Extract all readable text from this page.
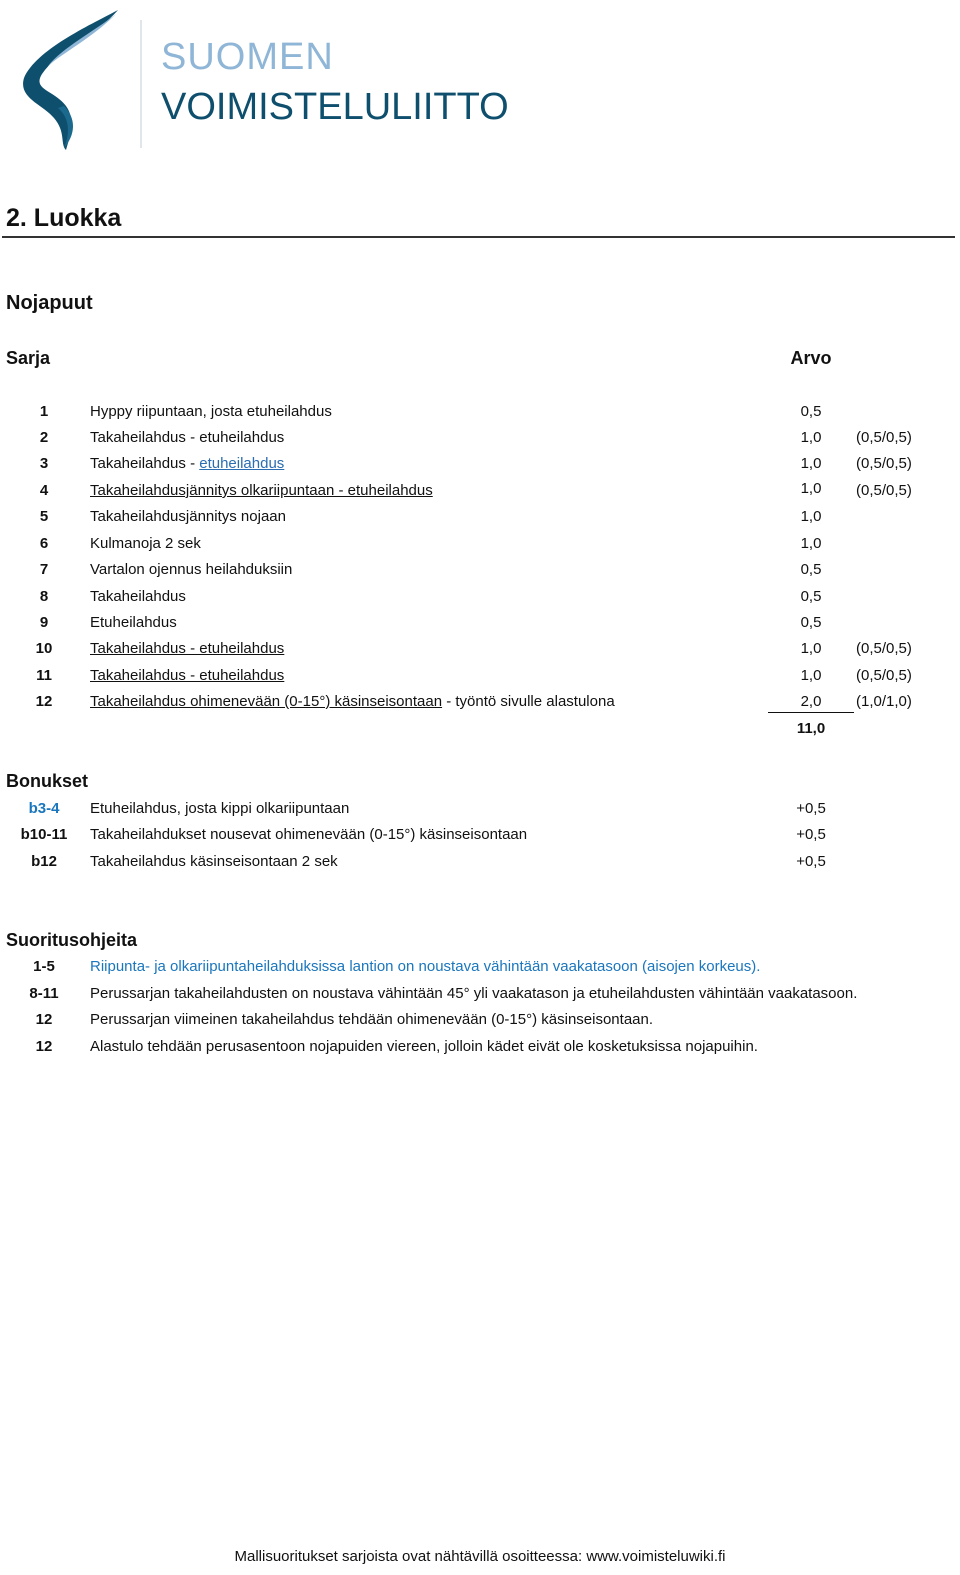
SUOMEN
VOIMISTELULIITTO
2. Luokka
Nojapuut
Sarja	Arvo
1	Hyppy riipuntaan, josta etuheilahdus	0,5
2	Takaheilahdus - etuheilahdus	1,0	(0,5/0,5)
3	Takaheilahdus - etuheilahdus	1,0	(0,5/0,5)
4	Takaheilahdusjännitys olkariipuntaan - etuheilahdus	1,0	(0,5/0,5)
5	Takaheilahdusjännitys nojaan	1,0
6	Kulmanoja 2 sek	1,0
7	Vartalon ojennus heilahduksiin	0,5
8	Takaheilahdus	0,5
9	Etuheilahdus	0,5
10	Takaheilahdus - etuheilahdus	1,0	(0,5/0,5)
11	Takaheilahdus - etuheilahdus	1,0	(0,5/0,5)
12	Takaheilahdus ohimenevään (0-15°) käsinseisontaan - työntö sivulle alastulona	2,0	(1,0/1,0)
11,0
Bonukset
b3-4	Etuheilahdus, josta kippi olkariipuntaan	+0,5
b10-11	Takaheilahdukset nousevat ohimenevään (0-15°) käsinseisontaan	+0,5
b12	Takaheilahdus käsinseisontaan 2 sek	+0,5
Suoritusohjeita
1-5	Riipunta- ja olkariipuntaheilahduksissa lantion on noustava vähintään vaakatasoon (aisojen korkeus).
8-11	Perussarjan takaheilahdusten on noustava vähintään 45° yli vaakatason ja etuheilahdusten vähintään vaakatasoon.
12	Perussarjan viimeinen takaheilahdus tehdään ohimenevään (0-15°) käsinseisontaan.
12	Alastulo tehdään perusasentoon nojapuiden viereen, jolloin kädet eivät ole kosketuksissa nojapuihin.
Mallisuoritukset sarjoista ovat nähtävillä osoitteessa: www.voimisteluwiki.fi
